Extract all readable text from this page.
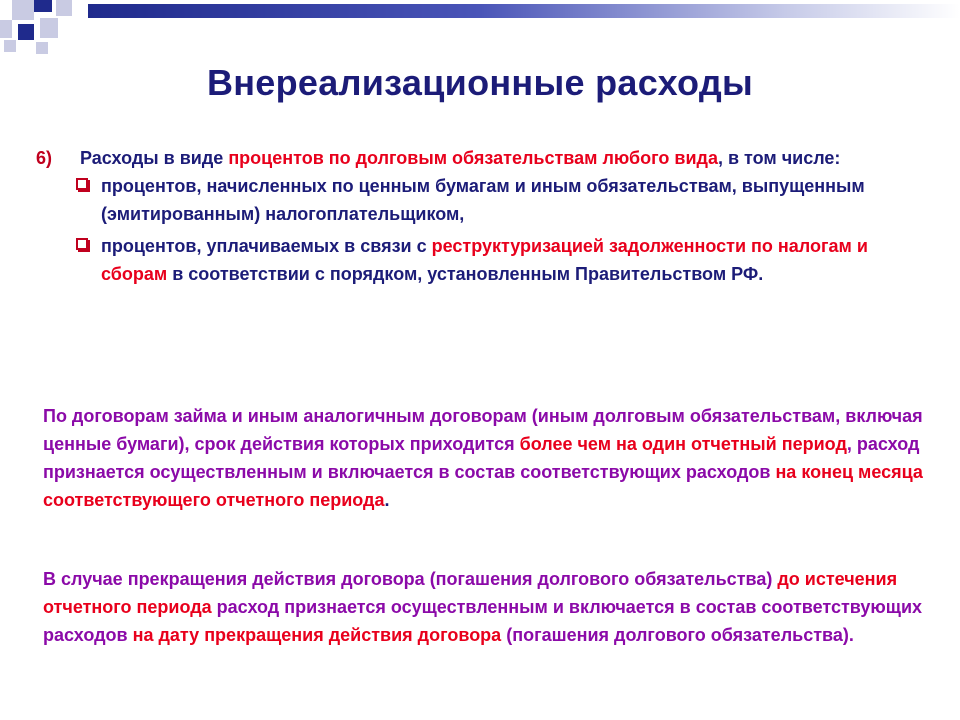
Внереализационные расходы
6)	Расходы в виде процентов по долговым обязательствам любого вида, в том числе:
процентов, начисленных по ценным бумагам и иным обязательствам, выпущенным (эмитированным) налогоплательщиком,
процентов, уплачиваемых в связи с реструктуризацией задолженности по налогам и сборам в соответствии с порядком, установленным Правительством РФ.
По договорам займа и иным аналогичным договорам (иным долговым обязательствам, включая ценные бумаги), срок действия которых приходится более чем на один отчетный период, расход признается осуществленным и включается в состав соответствующих расходов на конец месяца соответствующего отчетного периода.
В случае прекращения действия договора (погашения долгового обязательства) до истечения отчетного периода расход признается осуществленным и включается в состав соответствующих расходов на дату прекращения действия договора (погашения долгового обязательства).
